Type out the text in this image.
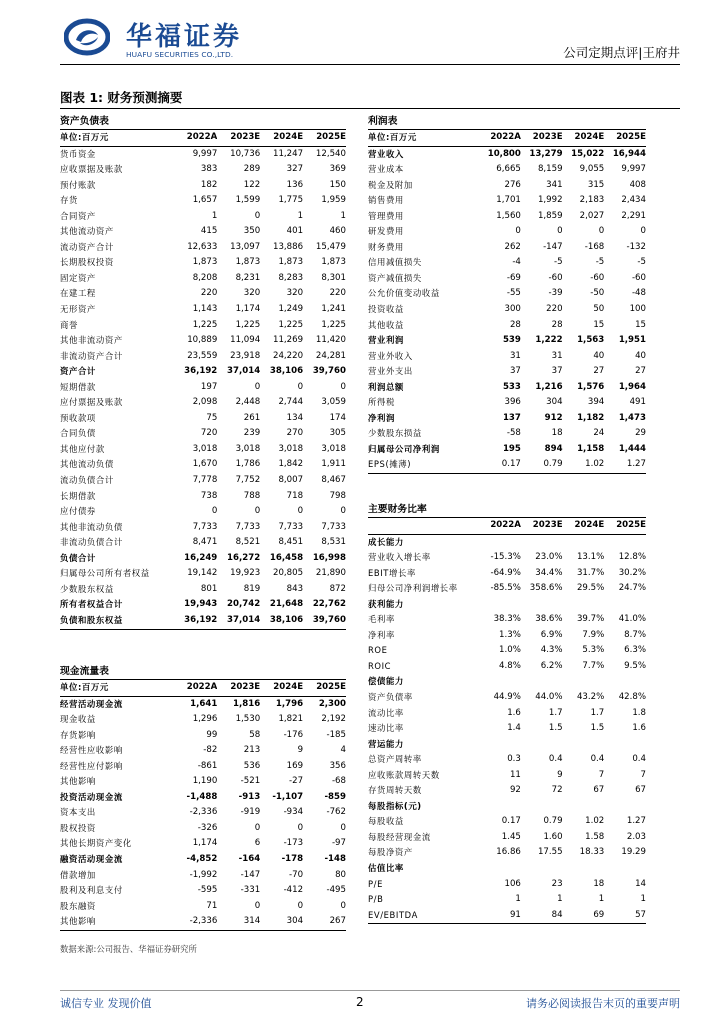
华福证券
HUAFU SECURITIES CO.,LTD.	公司定期点评|王府井
图表 1: 财务预测摘要
资产负债表
单位:百万元	2022A	2023E	2024E	2025E
货币资金	9,997	10,736	11,247	12,540
应收票据及账款	383	289	327	369
预付账款	182	122	136	150
存货	1,657	1,599	1,775	1,959
合同资产	1	0	1	1
其他流动资产	415	350	401	460
流动资产合计	12,633	13,097	13,886	15,479
长期股权投资	1,873	1,873	1,873	1,873
固定资产	8,208	8,231	8,283	8,301
在建工程	220	320	320	220
无形资产	1,143	1,174	1,249	1,241
商誉	1,225	1,225	1,225	1,225
其他非流动资产	10,889	11,094	11,269	11,420
非流动资产合计	23,559	23,918	24,220	24,281
资产合计	36,192	37,014	38,106	39,760
短期借款	197	0	0	0
应付票据及账款	2,098	2,448	2,744	3,059
预收款项	75	261	134	174
合同负债	720	239	270	305
其他应付款	3,018	3,018	3,018	3,018
其他流动负债	1,670	1,786	1,842	1,911
流动负债合计	7,778	7,752	8,007	8,467
长期借款	738	788	718	798
应付债券	0	0	0	0
其他非流动负债	7,733	7,733	7,733	7,733
非流动负债合计	8,471	8,521	8,451	8,531
负债合计	16,249	16,272	16,458	16,998
归属母公司所有者权益	19,142	19,923	20,805	21,890
少数股东权益	801	819	843	872
所有者权益合计	19,943	20,742	21,648	22,762
负债和股东权益	36,192	37,014	38,106	39,760
现金流量表
单位:百万元	2022A	2023E	2024E	2025E
经营活动现金流	1,641	1,816	1,796	2,300
现金收益	1,296	1,530	1,821	2,192
存货影响	99	58	-176	-185
经营性应收影响	-82	213	9	4
经营性应付影响	-861	536	169	356
其他影响	1,190	-521	-27	-68
投资活动现金流	-1,488	-913	-1,107	-859
资本支出	-2,336	-919	-934	-762
股权投资	-326	0	0	0
其他长期资产变化	1,174	6	-173	-97
融资活动现金流	-4,852	-164	-178	-148
借款增加	-1,992	-147	-70	80
股利及利息支付	-595	-331	-412	-495
股东融资	71	0	0	0
其他影响	-2,336	314	304	267
利润表
单位:百万元	2022A	2023E	2024E	2025E
营业收入	10,800	13,279	15,022	16,944
营业成本	6,665	8,159	9,055	9,997
税金及附加	276	341	315	408
销售费用	1,701	1,992	2,183	2,434
管理费用	1,560	1,859	2,027	2,291
研发费用	0	0	0	0
财务费用	262	-147	-168	-132
信用减值损失	-4	-5	-5	-5
资产减值损失	-69	-60	-60	-60
公允价值变动收益	-55	-39	-50	-48
投资收益	300	220	50	100
其他收益	28	28	15	15
营业利润	539	1,222	1,563	1,951
营业外收入	31	31	40	40
营业外支出	37	37	27	27
利润总额	533	1,216	1,576	1,964
所得税	396	304	394	491
净利润	137	912	1,182	1,473
少数股东损益	-58	18	24	29
归属母公司净利润	195	894	1,158	1,444
EPS(摊薄)	0.17	0.79	1.02	1.27
主要财务比率
	2022A	2023E	2024E	2025E
成长能力				
营业收入增长率	-15.3%	23.0%	13.1%	12.8%
EBIT增长率	-64.9%	34.4%	31.7%	30.2%
归母公司净利润增长率	-85.5%	358.6%	29.5%	24.7%
获利能力				
毛利率	38.3%	38.6%	39.7%	41.0%
净利率	1.3%	6.9%	7.9%	8.7%
ROE	1.0%	4.3%	5.3%	6.3%
ROIC	4.8%	6.2%	7.7%	9.5%
偿债能力				
资产负债率	44.9%	44.0%	43.2%	42.8%
流动比率	1.6	1.7	1.7	1.8
速动比率	1.4	1.5	1.5	1.6
营运能力				
总资产周转率	0.3	0.4	0.4	0.4
应收账款周转天数	11	9	7	7
存货周转天数	92	72	67	67
每股指标(元)				
每股收益	0.17	0.79	1.02	1.27
每股经营现金流	1.45	1.60	1.58	2.03
每股净资产	16.86	17.55	18.33	19.29
估值比率				
P/E	106	23	18	14
P/B	1	1	1	1
EV/EBITDA	91	84	69	57
数据来源:公司报告、华福证券研究所
诚信专业 发现价值	2	请务必阅读报告末页的重要声明
